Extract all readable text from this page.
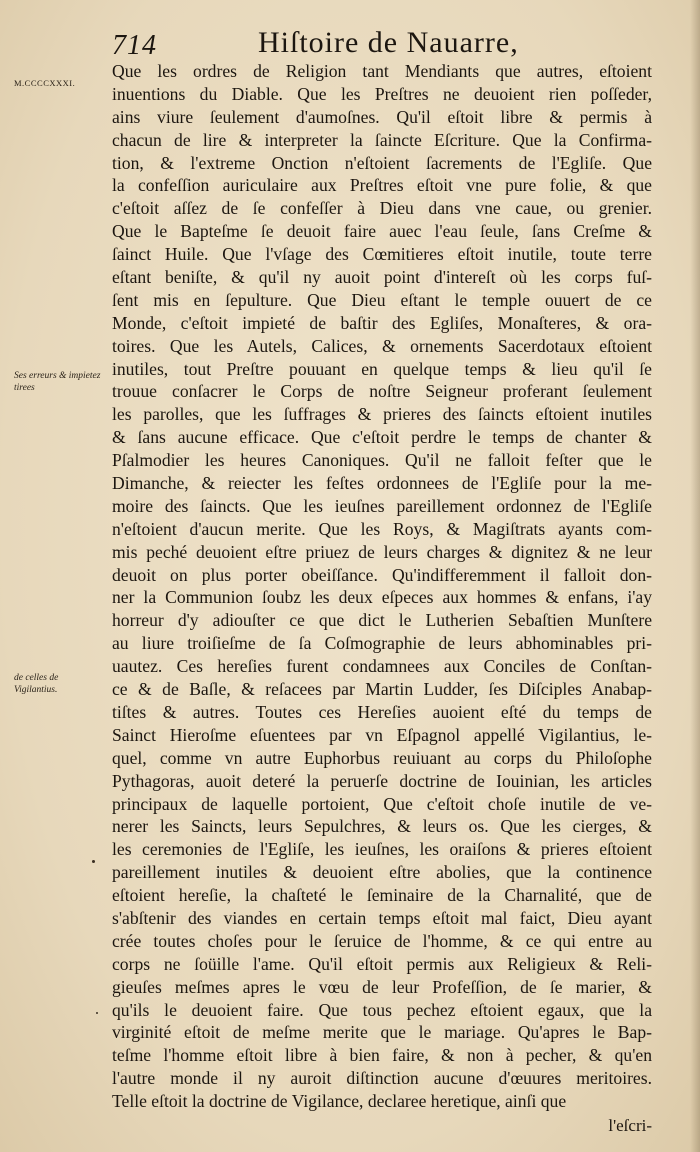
714	Hiſtoire de Nauarre,
M.CCCCXXXI.
Ses erreurs & impietez tirees
de celles de Vigilantius.
Que les ordres de Religion tant Mendiants que autres, eſtoient
inuentions du Diable. Que les Preſtres ne deuoient rien poſſeder,
ains viure ſeulement d'aumoſnes. Qu'il eſtoit libre & permis à
chacun de lire & interpreter la ſaincte Eſcriture. Que la Confirma-
tion, & l'extreme Onction n'eſtoient ſacrements de l'Egliſe. Que
la confeſſion auriculaire aux Preſtres eſtoit vne pure folie, & que
c'eſtoit aſſez de ſe confeſſer à Dieu dans vne caue, ou grenier.
Que le Bapteſme ſe deuoit faire auec l'eau ſeule, ſans Creſme &
ſainct Huile. Que l'vſage des Cœmitieres eſtoit inutile, toute terre
eſtant beniſte, & qu'il ny auoit point d'intereſt où les corps fuſ-
ſent mis en ſepulture. Que Dieu eſtant le temple ouuert de ce
Monde, c'eſtoit impieté de baſtir des Egliſes, Monaſteres, & ora-
toires. Que les Autels, Calices, & ornements Sacerdotaux eſtoient
inutiles, tout Preſtre pouuant en quelque temps & lieu qu'il ſe
trouue conſacrer le Corps de noſtre Seigneur proferant ſeulement
les parolles, que les ſuffrages & prieres des ſaincts eſtoient inutiles
& ſans aucune efficace. Que c'eſtoit perdre le temps de chanter &
Pſalmodier les heures Canoniques. Qu'il ne falloit feſter que le
Dimanche, & reiecter les feſtes ordonnees de l'Egliſe pour la me-
moire des ſaincts. Que les ieuſnes pareillement ordonnez de l'Egliſe
n'eſtoient d'aucun merite. Que les Roys, & Magiſtrats ayants com-
mis peché deuoient eſtre priuez de leurs charges & dignitez & ne leur
deuoit on plus porter obeiſſance. Qu'indifferemment il falloit don-
ner la Communion ſoubz les deux eſpeces aux hommes & enfans, i'ay
horreur d'y adiouſter ce que dict le Lutherien Sebaſtien Munſtere
au liure troiſieſme de ſa Coſmographie de leurs abhominables pri-
uautez. Ces hereſies furent condamnees aux Conciles de Conſtan-
ce & de Baſle, & reſacees par Martin Ludder, ſes Diſciples Anabap-
tiſtes & autres. Toutes ces Hereſies auoient eſté du temps de
Sainct Hieroſme eſuentees par vn Eſpagnol appellé Vigilantius, le-
quel, comme vn autre Euphorbus reuiuant au corps du Philoſophe
Pythagoras, auoit deteré la peruerſe doctrine de Iouinian, les articles
principaux de laquelle portoient, Que c'eſtoit choſe inutile de ve-
nerer les Saincts, leurs Sepulchres, & leurs os. Que les cierges, &
les ceremonies de l'Egliſe, les ieuſnes, les oraiſons & prieres eſtoient
pareillement inutiles & deuoient eſtre abolies, que la continence
eſtoient hereſie, la chaſteté le ſeminaire de la Charnalité, que de
s'abſtenir des viandes en certain temps eſtoit mal faict, Dieu ayant
crée toutes choſes pour le ſeruice de l'homme, & ce qui entre au
corps ne ſoüille l'ame. Qu'il eſtoit permis aux Religieux & Reli-
gieuſes meſmes apres le vœu de leur Profeſſion, de ſe marier, &
qu'ils le deuoient faire. Que tous pechez eſtoient egaux, que la
virginité eſtoit de meſme merite que le mariage. Qu'apres le Bap-
teſme l'homme eſtoit libre à bien faire, & non à pecher, & qu'en
l'autre monde il ny auroit diſtinction aucune d'œuures meritoires.
Telle eſtoit la doctrine de Vigilance, declaree heretique, ainſi que
l'eſcri-
